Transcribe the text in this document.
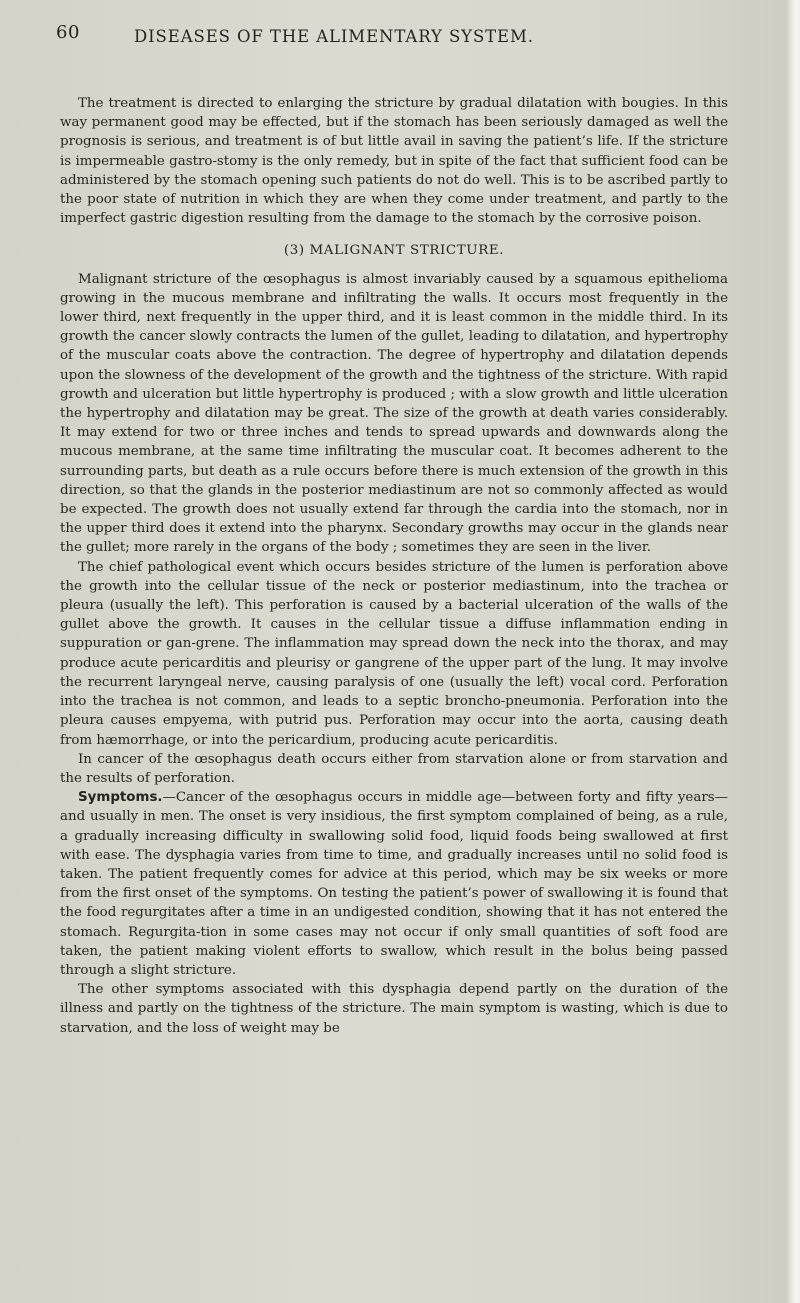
60	DISEASES OF THE ALIMENTARY SYSTEM.

The treatment is directed to enlarging the stricture by gradual dilatation with bougies. In this way permanent good may be effected, but if the stomach has been seriously damaged as well the prognosis is serious, and treatment is of but little avail in saving the patient’s life. If the stricture is impermeable gastro-stomy is the only remedy, but in spite of the fact that sufficient food can be administered by the stomach opening such patients do not do well. This is to be ascribed partly to the poor state of nutrition in which they are when they come under treatment, and partly to the imperfect gastric digestion resulting from the damage to the stomach by the corrosive poison.

(3) MALIGNANT STRICTURE.

Malignant stricture of the œsophagus is almost invariably caused by a squamous epithelioma growing in the mucous membrane and infiltrating the walls. It occurs most frequently in the lower third, next frequently in the upper third, and it is least common in the middle third. In its growth the cancer slowly contracts the lumen of the gullet, leading to dilatation, and hypertrophy of the muscular coats above the contraction. The degree of hypertrophy and dilatation depends upon the slowness of the development of the growth and the tightness of the stricture. With rapid growth and ulceration but little hypertrophy is produced ; with a slow growth and little ulceration the hypertrophy and dilatation may be great. The size of the growth at death varies considerably. It may extend for two or three inches and tends to spread upwards and downwards along the mucous membrane, at the same time infiltrating the muscular coat. It becomes adherent to the surrounding parts, but death as a rule occurs before there is much extension of the growth in this direction, so that the glands in the posterior mediastinum are not so commonly affected as would be expected. The growth does not usually extend far through the cardia into the stomach, nor in the upper third does it extend into the pharynx. Secondary growths may occur in the glands near the gullet; more rarely in the organs of the body ; sometimes they are seen in the liver.

The chief pathological event which occurs besides stricture of the lumen is perforation above the growth into the cellular tissue of the neck or posterior mediastinum, into the trachea or pleura (usually the left). This perforation is caused by a bacterial ulceration of the walls of the gullet above the growth. It causes in the cellular tissue a diffuse inflammation ending in suppuration or gan-grene. The inflammation may spread down the neck into the thorax, and may produce acute pericarditis and pleurisy or gangrene of the upper part of the lung. It may involve the recurrent laryngeal nerve, causing paralysis of one (usually the left) vocal cord. Perforation into the trachea is not common, and leads to a septic broncho-pneumonia. Perforation into the pleura causes empyema, with putrid pus. Perforation may occur into the aorta, causing death from hæmorrhage, or into the pericardium, producing acute pericarditis.

In cancer of the œsophagus death occurs either from starvation alone or from starvation and the results of perforation.

Symptoms.—Cancer of the œsophagus occurs in middle age—between forty and fifty years—and usually in men. The onset is very insidious, the first symptom complained of being, as a rule, a gradually increasing difficulty in swallowing solid food, liquid foods being swallowed at first with ease. The dysphagia varies from time to time, and gradually increases until no solid food is taken. The patient frequently comes for advice at this period, which may be six weeks or more from the first onset of the symptoms. On testing the patient’s power of swallowing it is found that the food regurgitates after a time in an undigested condition, showing that it has not entered the stomach. Regurgita-tion in some cases may not occur if only small quantities of soft food are taken, the patient making violent efforts to swallow, which result in the bolus being passed through a slight stricture.

The other symptoms associated with this dysphagia depend partly on the duration of the illness and partly on the tightness of the stricture. The main symptom is wasting, which is due to starvation, and the loss of weight may be
